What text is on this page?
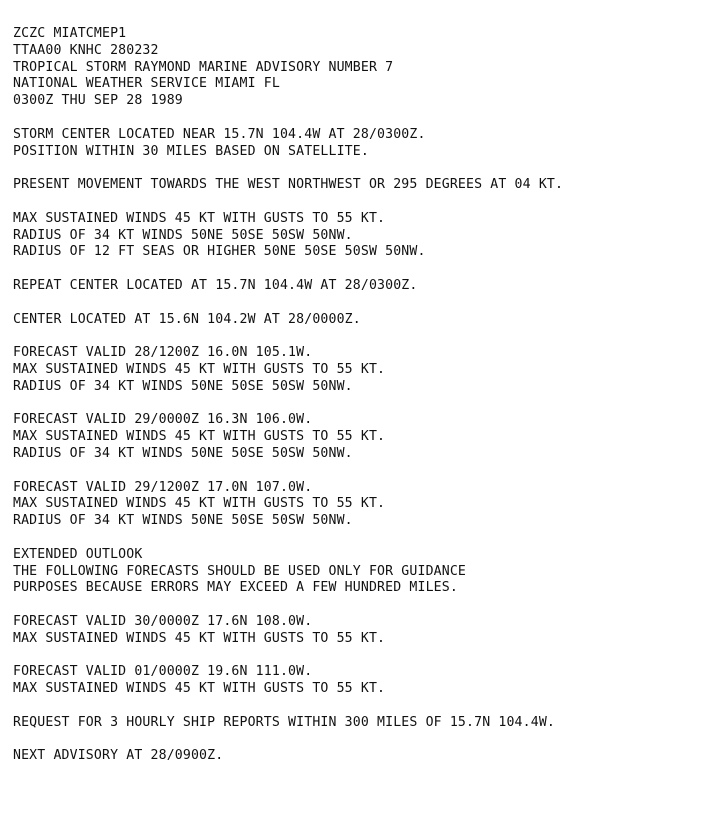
ZCZC MIATCMEP1
TTAA00 KNHC 280232
TROPICAL STORM RAYMOND MARINE ADVISORY NUMBER 7
NATIONAL WEATHER SERVICE MIAMI FL
0300Z THU SEP 28 1989
STORM CENTER LOCATED NEAR 15.7N 104.4W AT 28/0300Z.
POSITION WITHIN 30 MILES BASED ON SATELLITE.
PRESENT MOVEMENT TOWARDS THE WEST NORTHWEST OR 295 DEGREES AT 04 KT.
MAX SUSTAINED WINDS 45 KT WITH GUSTS TO 55 KT.
RADIUS OF 34 KT WINDS 50NE 50SE 50SW 50NW.
RADIUS OF 12 FT SEAS OR HIGHER 50NE 50SE 50SW 50NW.
REPEAT CENTER LOCATED AT 15.7N 104.4W AT 28/0300Z.
CENTER LOCATED AT 15.6N 104.2W AT 28/0000Z.
FORECAST VALID 28/1200Z 16.0N 105.1W.
MAX SUSTAINED WINDS 45 KT WITH GUSTS TO 55 KT.
RADIUS OF 34 KT WINDS 50NE 50SE 50SW 50NW.
FORECAST VALID 29/0000Z 16.3N 106.0W.
MAX SUSTAINED WINDS 45 KT WITH GUSTS TO 55 KT.
RADIUS OF 34 KT WINDS 50NE 50SE 50SW 50NW.
FORECAST VALID 29/1200Z 17.0N 107.0W.
MAX SUSTAINED WINDS 45 KT WITH GUSTS TO 55 KT.
RADIUS OF 34 KT WINDS 50NE 50SE 50SW 50NW.
EXTENDED OUTLOOK
THE FOLLOWING FORECASTS SHOULD BE USED ONLY FOR GUIDANCE
PURPOSES BECAUSE ERRORS MAY EXCEED A FEW HUNDRED MILES.
FORECAST VALID 30/0000Z 17.6N 108.0W.
MAX SUSTAINED WINDS 45 KT WITH GUSTS TO 55 KT.
FORECAST VALID 01/0000Z 19.6N 111.0W.
MAX SUSTAINED WINDS 45 KT WITH GUSTS TO 55 KT.
REQUEST FOR 3 HOURLY SHIP REPORTS WITHIN 300 MILES OF 15.7N 104.4W.
NEXT ADVISORY AT 28/0900Z.
